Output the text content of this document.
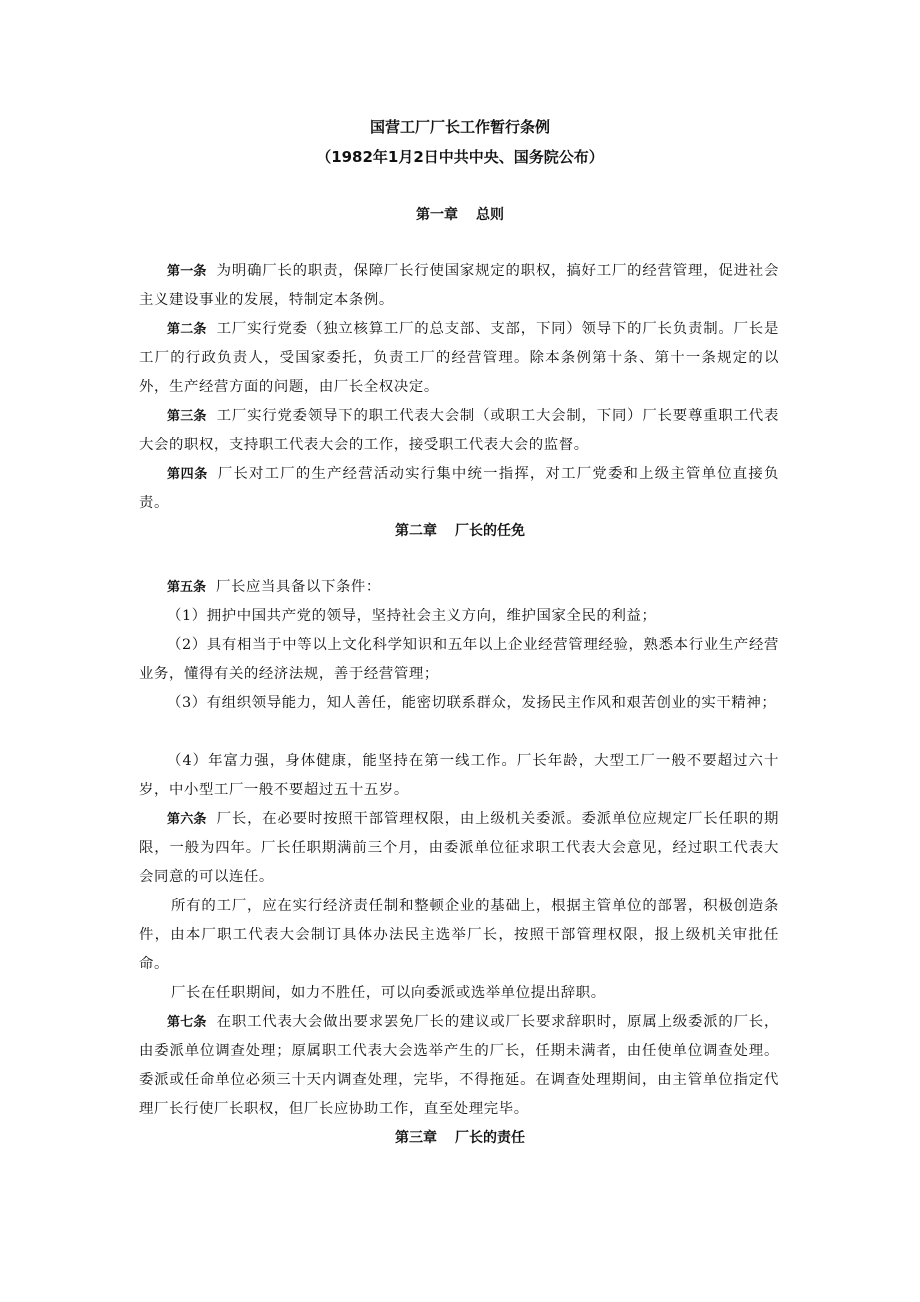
国营工厂厂长工作暂行条例
（1982年1月2日中共中央、国务院公布）
第一章 总则

第一条 为明确厂长的职责，保障厂长行使国家规定的职权，搞好工厂的经营管理，促进社会主义建设事业的发展，特制定本条例。

第二条 工厂实行党委（独立核算工厂的总支部、支部，下同）领导下的厂长负责制。厂长是工厂的行政负责人，受国家委托，负责工厂的经营管理。除本条例第十条、第十一条规定的以外，生产经营方面的问题，由厂长全权决定。

第三条 工厂实行党委领导下的职工代表大会制（或职工大会制，下同）厂长要尊重职工代表大会的职权，支持职工代表大会的工作，接受职工代表大会的监督。

第四条 厂长对工厂的生产经营活动实行集中统一指挥，对工厂党委和上级主管单位直接负责。

第二章 厂长的任免

第五条 厂长应当具备以下条件：

（1）拥护中国共产党的领导，坚持社会主义方向，维护国家全民的利益；

（2）具有相当于中等以上文化科学知识和五年以上企业经营管理经验，熟悉本行业生产经营业务，懂得有关的经济法规，善于经营管理；

（3）有组织领导能力，知人善任，能密切联系群众，发扬民主作风和艰苦创业的实干精神；

（4）年富力强，身体健康，能坚持在第一线工作。厂长年龄，大型工厂一般不要超过六十岁，中小型工厂一般不要超过五十五岁。

第六条 厂长，在必要时按照干部管理权限，由上级机关委派。委派单位应规定厂长任职的期限，一般为四年。厂长任职期满前三个月，由委派单位征求职工代表大会意见，经过职工代表大会同意的可以连任。

所有的工厂，应在实行经济责任制和整顿企业的基础上，根据主管单位的部署，积极创造条件，由本厂职工代表大会制订具体办法民主选举厂长，按照干部管理权限，报上级机关审批任命。

厂长在任职期间，如力不胜任，可以向委派或选举单位提出辞职。

第七条 在职工代表大会做出要求罢免厂长的建议或厂长要求辞职时，原属上级委派的厂长，由委派单位调查处理；原属职工代表大会选举产生的厂长，任期未满者，由任使单位调查处理。委派或任命单位必须三十天内调查处理，完毕，不得拖延。在调查处理期间，由主管单位指定代理厂长行使厂长职权，但厂长应协助工作，直至处理完毕。

第三章 厂长的责任
